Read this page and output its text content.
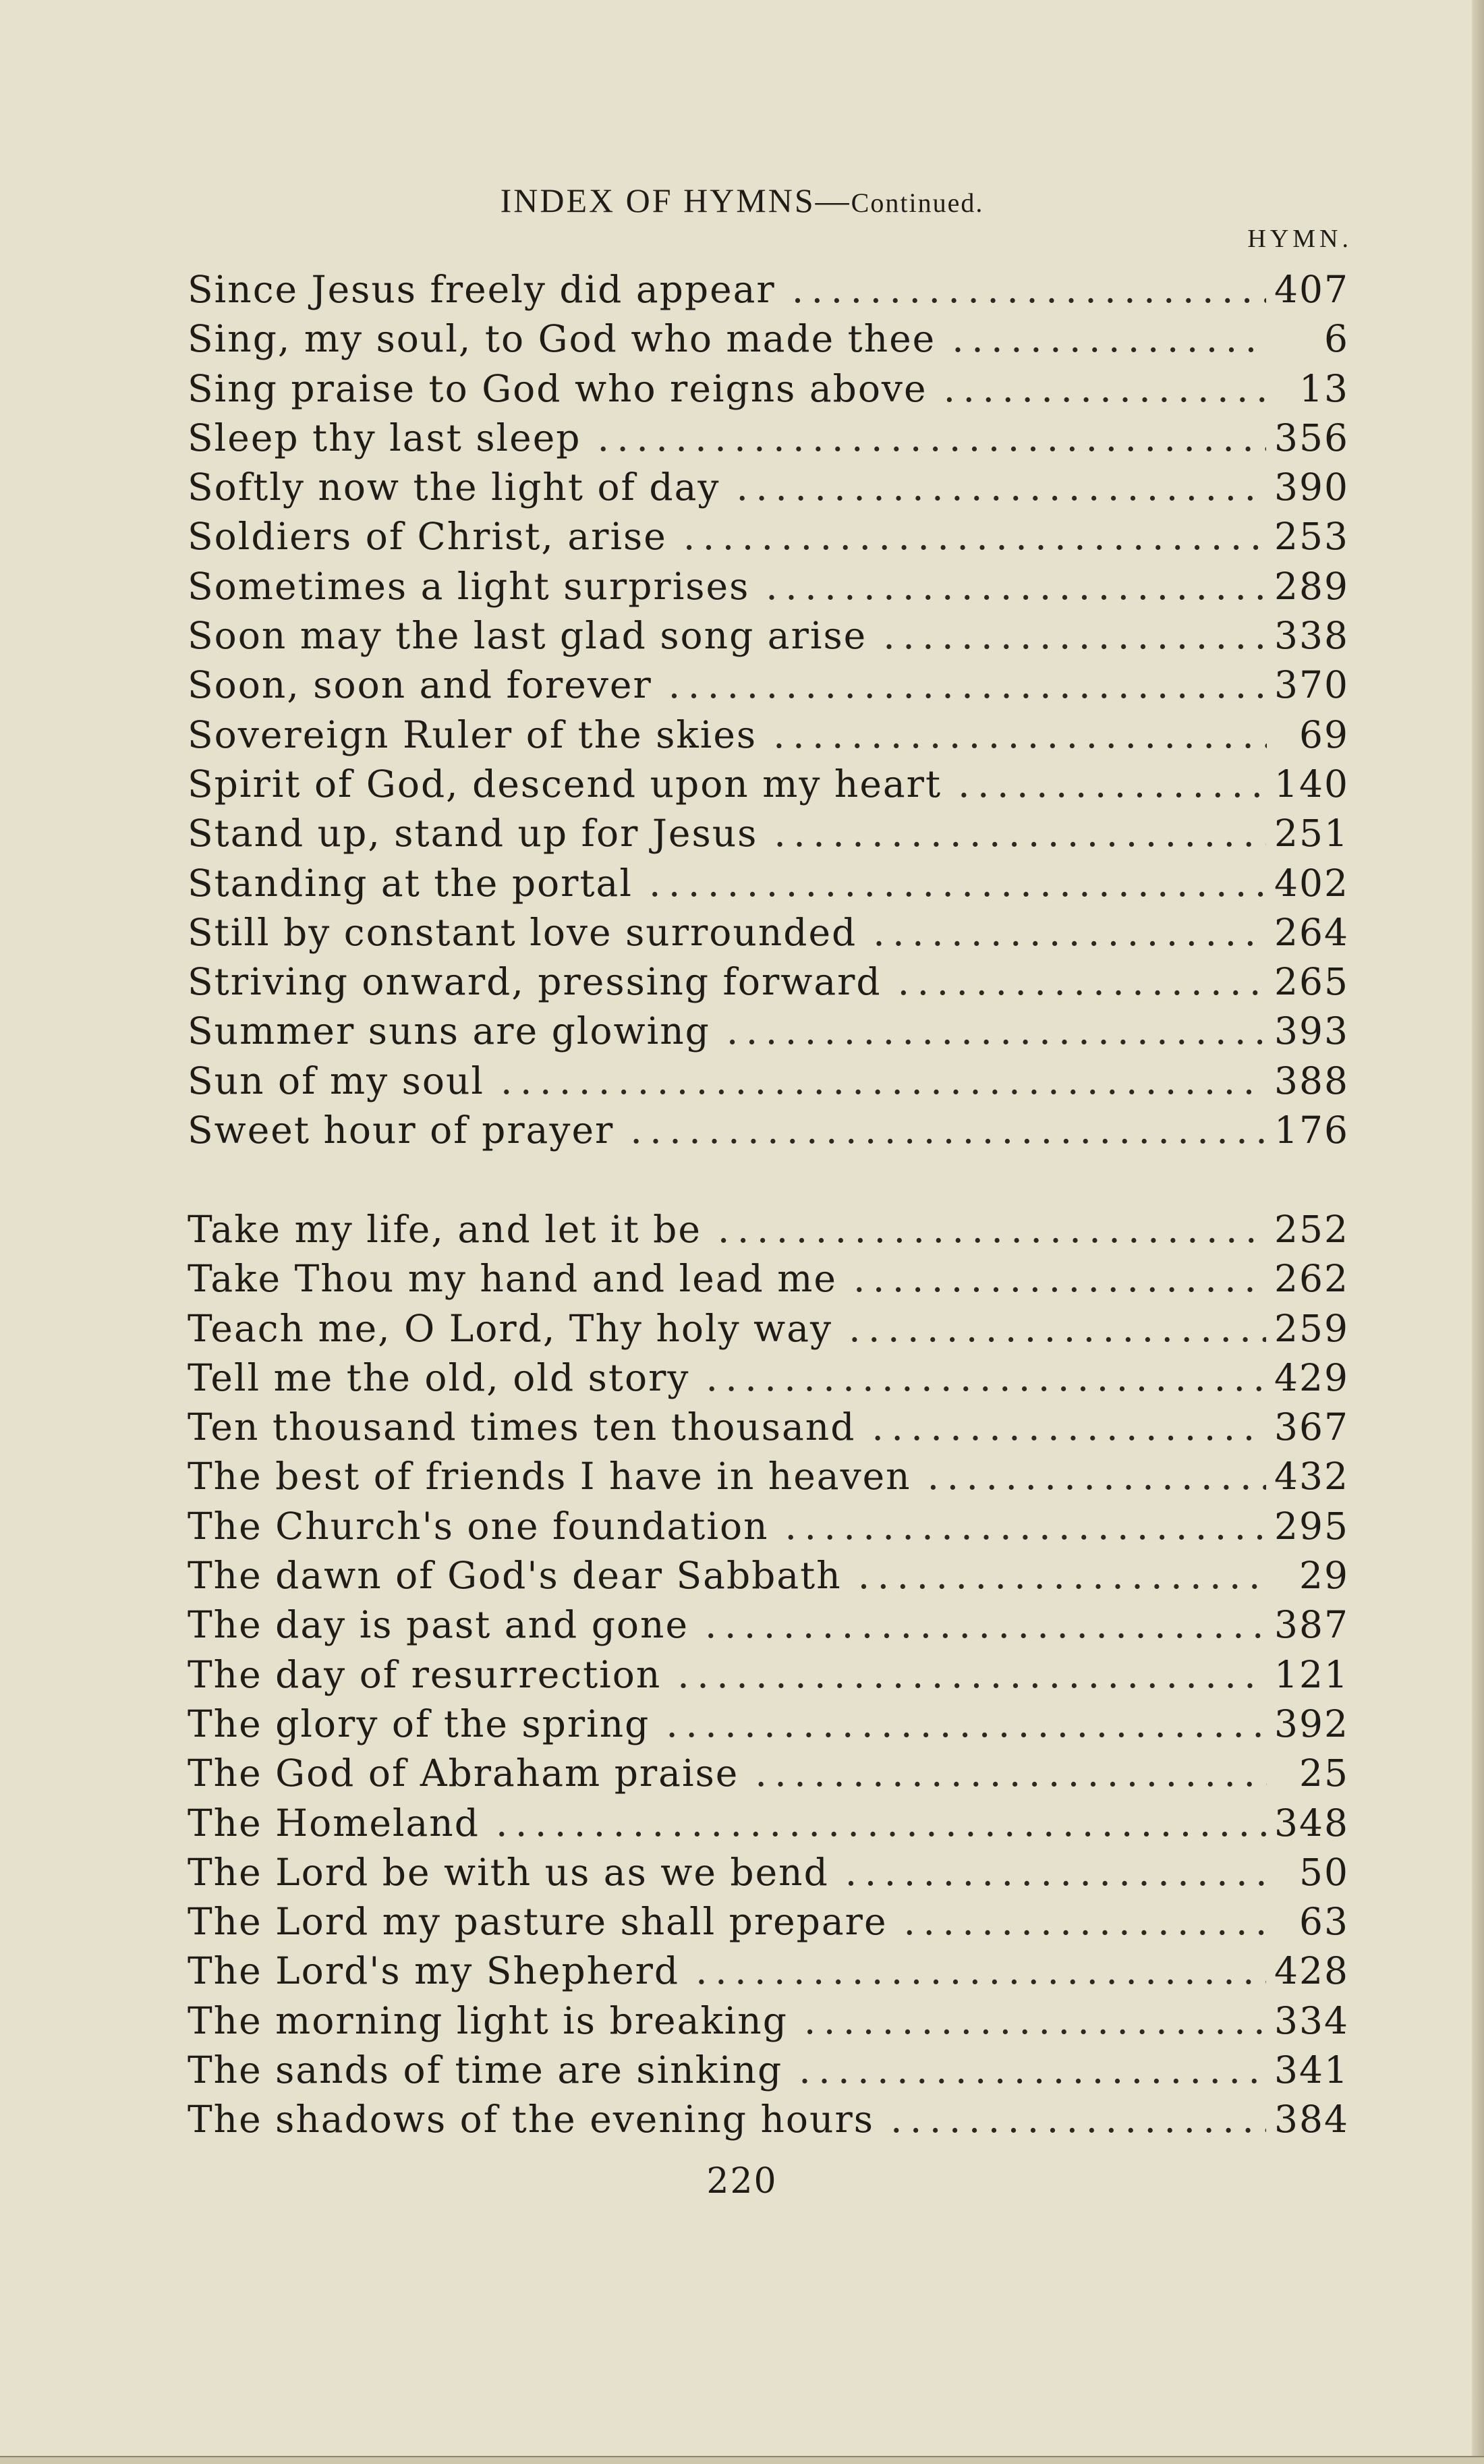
INDEX OF HYMNS—Continued.
HYMN.
Since Jesus freely did appear . . .	407
Sing, my soul, to God who made thee . . .	6
Sing praise to God who reigns above . . .	13
Sleep thy last sleep . . .	356
Softly now the light of day . . .	390
Soldiers of Christ, arise . . .	253
Sometimes a light surprises . . .	289
Soon may the last glad song arise . . .	338
Soon, soon and forever . . .	370
Sovereign Ruler of the skies . . .	69
Spirit of God, descend upon my heart . . .	140
Stand up, stand up for Jesus . . .	251
Standing at the portal . . .	402
Still by constant love surrounded . . .	264
Striving onward, pressing forward . . .	265
Summer suns are glowing . . .	393
Sun of my soul . . .	388
Sweet hour of prayer . . .	176
Take my life, and let it be . . .	252
Take Thou my hand and lead me . . .	262
Teach me, O Lord, Thy holy way . . .	259
Tell me the old, old story . . .	429
Ten thousand times ten thousand . . .	367
The best of friends I have in heaven . . .	432
The Church's one foundation . . .	295
The dawn of God's dear Sabbath . . .	29
The day is past and gone . . .	387
The day of resurrection . . .	121
The glory of the spring . . .	392
The God of Abraham praise . . .	25
The Homeland . . .	348
The Lord be with us as we bend . . .	50
The Lord my pasture shall prepare . . .	63
The Lord's my Shepherd . . .	428
The morning light is breaking . . .	334
The sands of time are sinking . . .	341
The shadows of the evening hours . . .	384
220
